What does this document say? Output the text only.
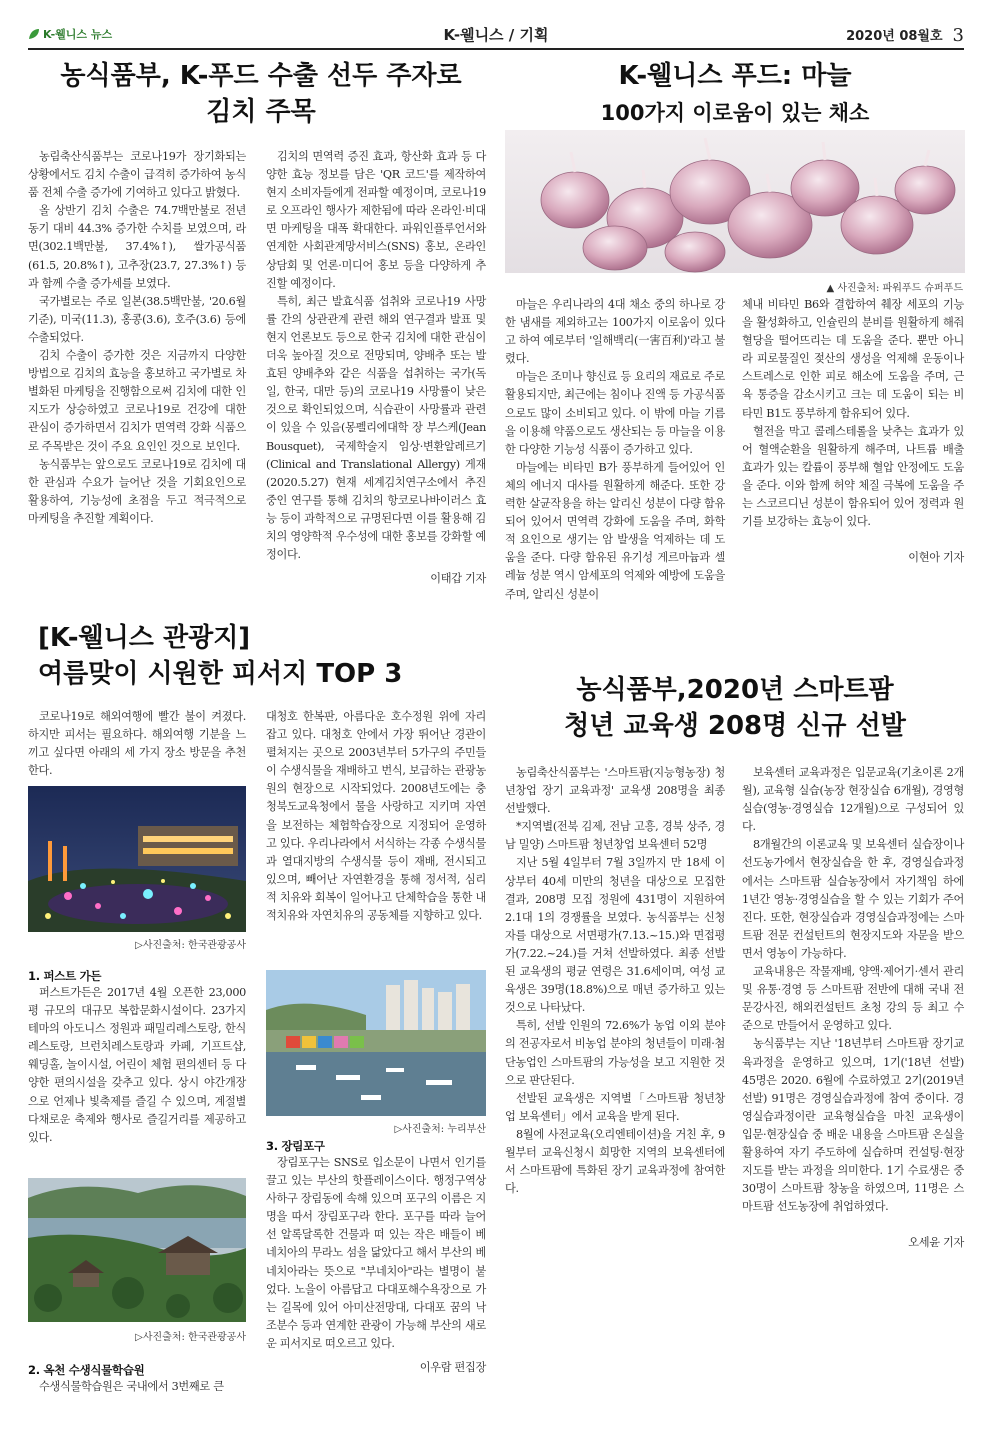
K-웰니스 뉴스	K-웰니스 / 기획	2020년 08월호 3
농식품부, K-푸드 수출 선두 주자로
김치 주목

농림축산식품부는 코로나19가 장기화되는 상황에서도 김치 수출이 급격히 증가하여 농식품 전체 수출 증가에 기여하고 있다고 밝혔다.

올 상반기 김치 수출은 74.7백만불로 전년동기 대비 44.3% 증가한 수치를 보였으며, 라면(302.1백만불, 37.4%↑), 쌀가공식품(61.5, 20.8%↑), 고추장(23.7, 27.3%↑) 등과 함께 수출 증가세를 보였다.

국가별로는 주로 일본(38.5백만불, '20.6월 기준), 미국(11.3), 홍콩(3.6), 호주(3.6) 등에 수출되었다.

김치 수출이 증가한 것은 지금까지 다양한 방법으로 김치의 효능을 홍보하고 국가별로 차별화된 마케팅을 진행함으로써 김치에 대한 인지도가 상승하였고 코로나19로 건강에 대한 관심이 증가하면서 김치가 면역력 강화 식품으로 주목받은 것이 주요 요인인 것으로 보인다.

농식품부는 앞으로도 코로나19로 김치에 대한 관심과 수요가 늘어난 것을 기회요인으로 활용하여, 기능성에 초점을 두고 적극적으로 마케팅을 추진할 계획이다.

김치의 면역력 증진 효과, 항산화 효과 등 다양한 효능 정보를 담은 'QR 코드'를 제작하여 현지 소비자들에게 전파할 예정이며, 코로나19로 오프라인 행사가 제한됨에 따라 온라인·비대면 마케팅을 대폭 확대한다. 파워인플루언서와 연계한 사회관계망서비스(SNS) 홍보, 온라인 상담회 및 언론·미디어 홍보 등을 다양하게 추진할 예정이다.

특히, 최근 발효식품 섭취와 코로나19 사망률 간의 상관관계 관련 해외 연구결과 발표 및 현지 언론보도 등으로 한국 김치에 대한 관심이 더욱 높아질 것으로 전망되며, 양배추 또는 발효된 양배추와 같은 식품을 섭취하는 국가(독일, 한국, 대만 등)의 코로나19 사망률이 낮은 것으로 확인되었으며, 식습관이 사망률과 관련이 있을 수 있음(몽펠리에대학 장 부스케(Jean Bousquet), 국제학술지 임상·변환알레르기(Clinical and Translational Allergy) 게재(2020.5.27) 현재 세계김치연구소에서 추진 중인 연구를 통해 김치의 항코로나바이러스 효능 등이 과학적으로 규명된다면 이를 활용해 김치의 영양학적 우수성에 대한 홍보를 강화할 예정이다.

이태갑 기자

K-웰니스 푸드: 마늘
100가지 이로움이 있는 채소
▲ 사진출처: 파워푸드 슈퍼푸드

마늘은 우리나라의 4대 채소 중의 하나로 강한 냄새를 제외하고는 100가지 이로움이 있다고 하여 예로부터 '일해백리(一害百利)'라고 불렸다.

마늘은 조미나 향신료 등 요리의 재료로 주로 활용되지만, 최근에는 침이나 진액 등 가공식품으로도 많이 소비되고 있다. 이 밖에 마늘 기름을 이용해 약품으로도 생산되는 등 마늘을 이용한 다양한 기능성 식품이 증가하고 있다.

마늘에는 비타민 B가 풍부하게 들어있어 인체의 에너지 대사를 원활하게 해준다. 또한 강력한 살균작용을 하는 알리신 성분이 다량 함유되어 있어서 면역력 강화에 도움을 주며, 화학적 요인으로 생기는 암 발생을 억제하는 데 도움을 준다. 다량 함유된 유기성 게르마늄과 셀레늄 성분 역시 암세포의 억제와 예방에 도움을 주며, 알리신 성분이

체내 비타민 B6와 결합하여 췌장 세포의 기능을 활성화하고, 인슐린의 분비를 원활하게 해줘 혈당을 떨어뜨리는 데 도움을 준다. 뿐만 아니라 피로물질인 젖산의 생성을 억제해 운동이나 스트레스로 인한 피로 해소에 도움을 주며, 근육 통증을 감소시키고 크는 데 도움이 되는 비타민 B1도 풍부하게 함유되어 있다.

혈전을 막고 콜레스테롤을 낮추는 효과가 있어 혈액순환을 원활하게 해주며, 나트륨 배출 효과가 있는 칼륨이 풍부해 혈압 안정에도 도움을 준다. 이와 함께 허약 체질 극복에 도움을 주는 스코르디닌 성분이 함유되어 있어 정력과 원기를 보강하는 효능이 있다.

이현아 기자

[K-웰니스 관광지]
여름맞이 시원한 피서지 TOP 3

코로나19로 해외여행에 빨간 불이 켜졌다. 하지만 피서는 필요하다. 해외여행 기분을 느끼고 싶다면 아래의 세 가지 장소 방문을 추천한다.

▷사진출처: 한국관광공사

1. 퍼스트 가든

퍼스트가든은 2017년 4월 오픈한 23,000평 규모의 대규모 복합문화시설이다. 23가지 테마의 아도니스 정원과 패밀리레스토랑, 한식레스토랑, 브런치레스토랑과 카페, 기프트샵, 웨딩홀, 놀이시설, 어린이 체험 편의센터 등 다양한 편의시설을 갖추고 있다. 상시 야간개장으로 언제나 빛축제를 즐길 수 있으며, 계절별 다채로운 축제와 행사로 즐길거리를 제공하고 있다.

▷사진출처: 한국관광공사

2. 옥천 수생식물학습원

수생식물학습원은 국내에서 3번째로 큰

대청호 한복판, 아름다운 호수정원 위에 자리 잡고 있다. 대청호 안에서 가장 뛰어난 경관이 펼쳐지는 곳으로 2003년부터 5가구의 주민들이 수생식물을 재배하고 번식, 보급하는 관광농원의 현장으로 시작되었다. 2008년도에는 충청북도교육청에서 물을 사랑하고 지키며 자연을 보전하는 체험학습장으로 지정되어 운영하고 있다. 우리나라에서 서식하는 각종 수생식물과 열대지방의 수생식물 등이 재배, 전시되고 있으며, 빼어난 자연환경을 통해 정서적, 심리적 치유와 회복이 일어나고 단체학습을 통한 내적치유와 자연치유의 공동체를 지향하고 있다.

▷사진출처: 누리부산

3. 장림포구

장림포구는 SNS로 입소문이 나면서 인기를 끌고 있는 부산의 핫플레이스이다. 행정구역상 사하구 장림동에 속해 있으며 포구의 이름은 지명을 따서 장림포구라 한다. 포구를 따라 늘어선 알록달록한 건물과 떠 있는 작은 배들이 베네치아의 무라노 섬을 닮았다고 해서 부산의 베네치아라는 뜻으로 "부네치아"라는 별명이 붙었다. 노을이 아름답고 다대포해수욕장으로 가는 길목에 있어 아미산전망대, 다대포 꿈의 낙조분수 등과 연계한 관광이 가능해 부산의 새로운 피서지로 떠오르고 있다.

이우람 편집장

농식품부,2020년 스마트팜
청년 교육생 208명 신규 선발

농림축산식품부는 '스마트팜(지능형농장) 청년창업 장기 교육과정' 교육생 208명을 최종 선발했다.

*지역별(전북 김제, 전남 고흥, 경북 상주, 경남 밀양) 스마트팜 청년창업 보육센터 52명

지난 5월 4일부터 7월 3일까지 만 18세 이상부터 40세 미만의 청년을 대상으로 모집한 결과, 208명 모집 정원에 431명이 지원하여 2.1대 1의 경쟁률을 보였다. 농식품부는 신청자를 대상으로 서면평가(7.13.~15.)와 면접평가(7.22.~24.)를 거쳐 선발하였다. 최종 선발된 교육생의 평균 연령은 31.6세이며, 여성 교육생은 39명(18.8%)으로 매년 증가하고 있는 것으로 나타났다.

특히, 선발 인원의 72.6%가 농업 이외 분야의 전공자로서 비농업 분야의 청년들이 미래·첨단농업인 스마트팜의 가능성을 보고 지원한 것으로 판단된다.

선발된 교육생은 지역별「스마트팜 청년창업 보육센터」에서 교육을 받게 된다.

8월에 사전교육(오리엔테이션)을 거친 후, 9월부터 교육신청시 희망한 지역의 보육센터에서 스마트팜에 특화된 장기 교육과정에 참여한다.

보육센터 교육과정은 입문교육(기초이론 2개월), 교육형 실습(농장 현장실습 6개월), 경영형 실습(영농·경영실습 12개월)으로 구성되어 있다.

8개월간의 이론교육 및 보육센터 실습장이나 선도농가에서 현장실습을 한 후, 경영실습과정에서는 스마트팜 실습농장에서 자기책임 하에 1년간 영농·경영실습을 할 수 있는 기회가 주어진다. 또한, 현장실습과 경영실습과정에는 스마트팜 전문 컨설턴트의 현장지도와 자문을 받으면서 영농이 가능하다.

교육내용은 작물재배, 양액·제어기·센서 관리 및 유통·경영 등 스마트팜 전반에 대해 국내 전문강사진, 해외컨설턴트 초청 강의 등 최고 수준으로 만들어서 운영하고 있다.

농식품부는 지난 '18년부터 스마트팜 장기교육과정을 운영하고 있으며, 1기('18년 선발) 45명은 2020. 6월에 수료하였고 2기(2019년 선발) 91명은 경영실습과정에 참여 중이다. 경영실습과정이란 교육형실습을 마친 교육생이 입문·현장실습 중 배운 내용을 스마트팜 온실을 활용하여 자기 주도하에 실습하며 컨설팅·현장지도를 받는 과정을 의미한다. 1기 수료생은 중 30명이 스마트팜 창농을 하였으며, 11명은 스마트팜 선도농장에 취업하였다.

오세윤 기자
